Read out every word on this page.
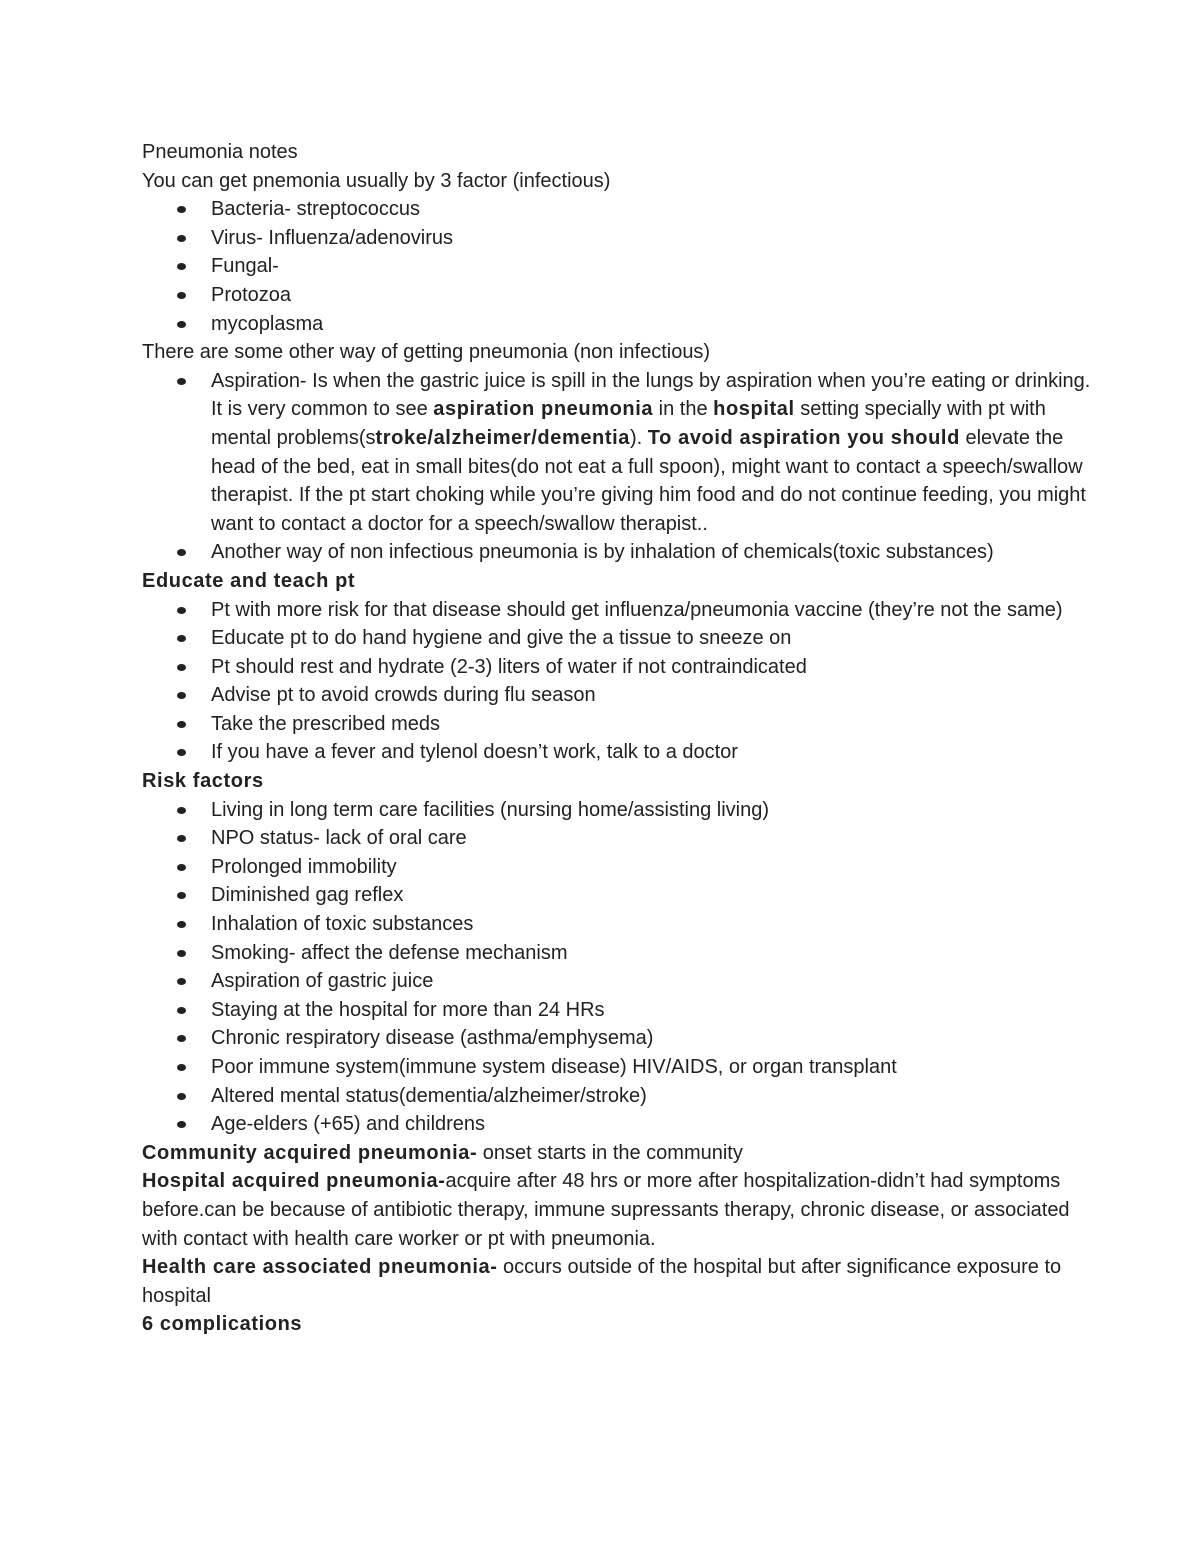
Pneumonia notes

You can get pnemonia usually by 3 factor (infectious)

Bacteria- streptococcus
Virus- Influenza/adenovirus
Fungal-
Protozoa
mycoplasma

There are some other way of getting pneumonia (non infectious)

Aspiration- Is when the gastric juice is spill in the lungs by aspiration when you’re eating or drinking. It is very common to see aspiration pneumonia in the hospital setting specially with pt with mental problems(stroke/alzheimer/dementia). To avoid aspiration you should elevate the head of the bed, eat in small bites(do not eat a full spoon), might want to contact a speech/swallow therapist. If the pt start choking while you’re giving him food and do not continue feeding, you might want to contact a doctor for a speech/swallow therapist..
Another way of non infectious pneumonia is by inhalation of chemicals(toxic substances)

Educate and teach pt

Pt with more risk for that disease should get influenza/pneumonia vaccine (they’re not the same)
Educate pt to do hand hygiene and give the a tissue to sneeze on
Pt should rest and hydrate (2-3) liters of water if not contraindicated
Advise pt to avoid crowds during flu season
Take the prescribed meds
If you have a fever and tylenol doesn’t work, talk to a doctor

Risk factors

Living in long term care facilities (nursing home/assisting living)
NPO status- lack of oral care
Prolonged immobility
Diminished gag reflex
Inhalation of toxic substances
Smoking- affect the defense mechanism
Aspiration of gastric juice
Staying at the hospital for more than 24 HRs
Chronic respiratory disease (asthma/emphysema)
Poor immune system(immune system disease) HIV/AIDS, or organ transplant
Altered mental status(dementia/alzheimer/stroke)
Age-elders (+65) and childrens

Community acquired pneumonia- onset starts in the community

Hospital acquired pneumonia-acquire after 48 hrs or more after hospitalization-didn’t had symptoms before.can be because of antibiotic therapy, immune supressants therapy, chronic disease, or associated with contact with health care worker or pt with pneumonia.

Health care associated pneumonia- occurs outside of the hospital but after significance exposure to hospital

6 complications
